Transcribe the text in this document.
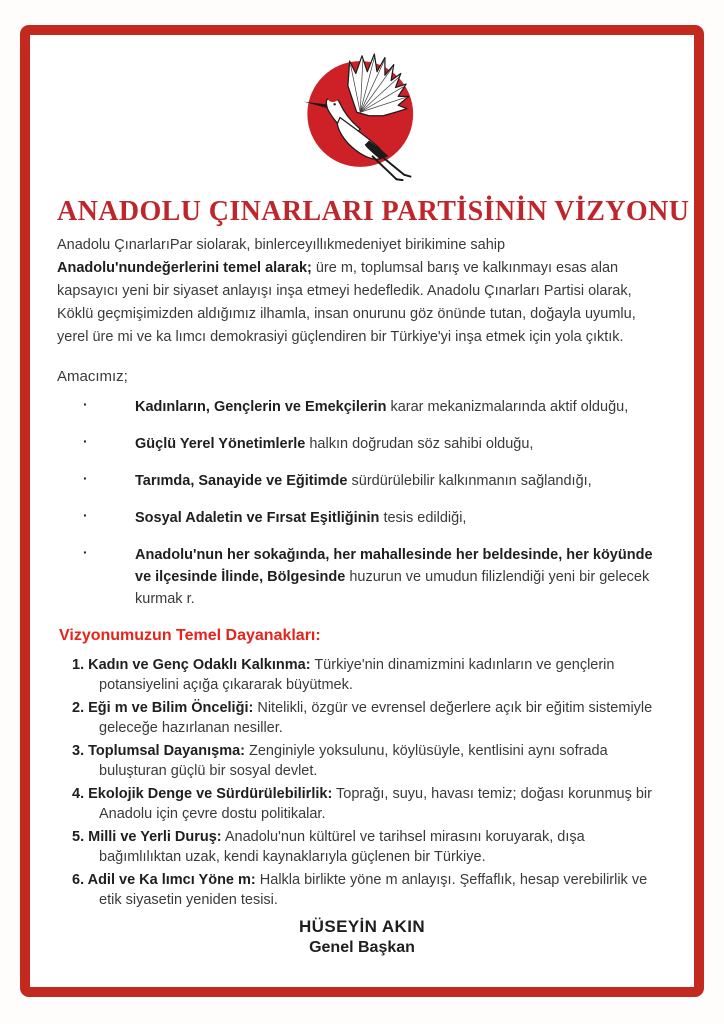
ANADOLU ÇINARLARI PARTİSİNİN VİZYONU

Anadolu ÇınarlarıPar siolarak, binlerceyıllıkmedeniyet birikimine sahip Anadolu'nundeğerlerini temel alarak; üre m, toplumsal barış ve kalkınmayı esas alan kapsayıcı yeni bir siyaset anlayışı inşa etmeyi hedefledik. Anadolu Çınarları Partisi olarak, Köklü geçmişimizden aldığımız ilhamla, insan onurunu göz önünde tutan, doğayla uyumlu, yerel üre mi ve ka lımcı demokrasiyi güçlendiren bir Türkiye'yi inşa etmek için yola çıktık.

Amacımız;

·	Kadınların, Gençlerin ve Emekçilerin karar mekanizmalarında aktif olduğu,
·	Güçlü Yerel Yönetimlerle halkın doğrudan söz sahibi olduğu,
·	Tarımda, Sanayide ve Eğitimde sürdürülebilir kalkınmanın sağlandığı,
·	Sosyal Adaletin ve Fırsat Eşitliğinin tesis edildiği,
·	Anadolu'nun her sokağında, her mahallesinde her beldesinde, her köyünde ve ilçesinde İlinde, Bölgesinde huzurun ve umudun filizlendiği yeni bir gelecek kurmak r.

Vizyonumuzun Temel Dayanakları:

1. Kadın ve Genç Odaklı Kalkınma: Türkiye'nin dinamizmini kadınların ve gençlerin potansiyelini açığa çıkararak büyütmek.
2. Eği m ve Bilim Önceliği: Nitelikli, özgür ve evrensel değerlere açık bir eğitim sistemiyle geleceğe hazırlanan nesiller.
3. Toplumsal Dayanışma: Zenginiyle yoksulunu, köylüsüyle, kentlisini aynı sofrada buluşturan güçlü bir sosyal devlet.
4. Ekolojik Denge ve Sürdürülebilirlik: Toprağı, suyu, havası temiz; doğası korunmuş bir Anadolu için çevre dostu politikalar.
5. Milli ve Yerli Duruş: Anadolu'nun kültürel ve tarihsel mirasını koruyarak, dışa bağımlılıktan uzak, kendi kaynaklarıyla güçlenen bir Türkiye.
6. Adil ve Ka lımcı Yöne m: Halkla birlikte yöne m anlayışı. Şeffaflık, hesap verebilirlik ve etik siyasetin yeniden tesisi.
HÜSEYİN AKIN
Genel Başkan
